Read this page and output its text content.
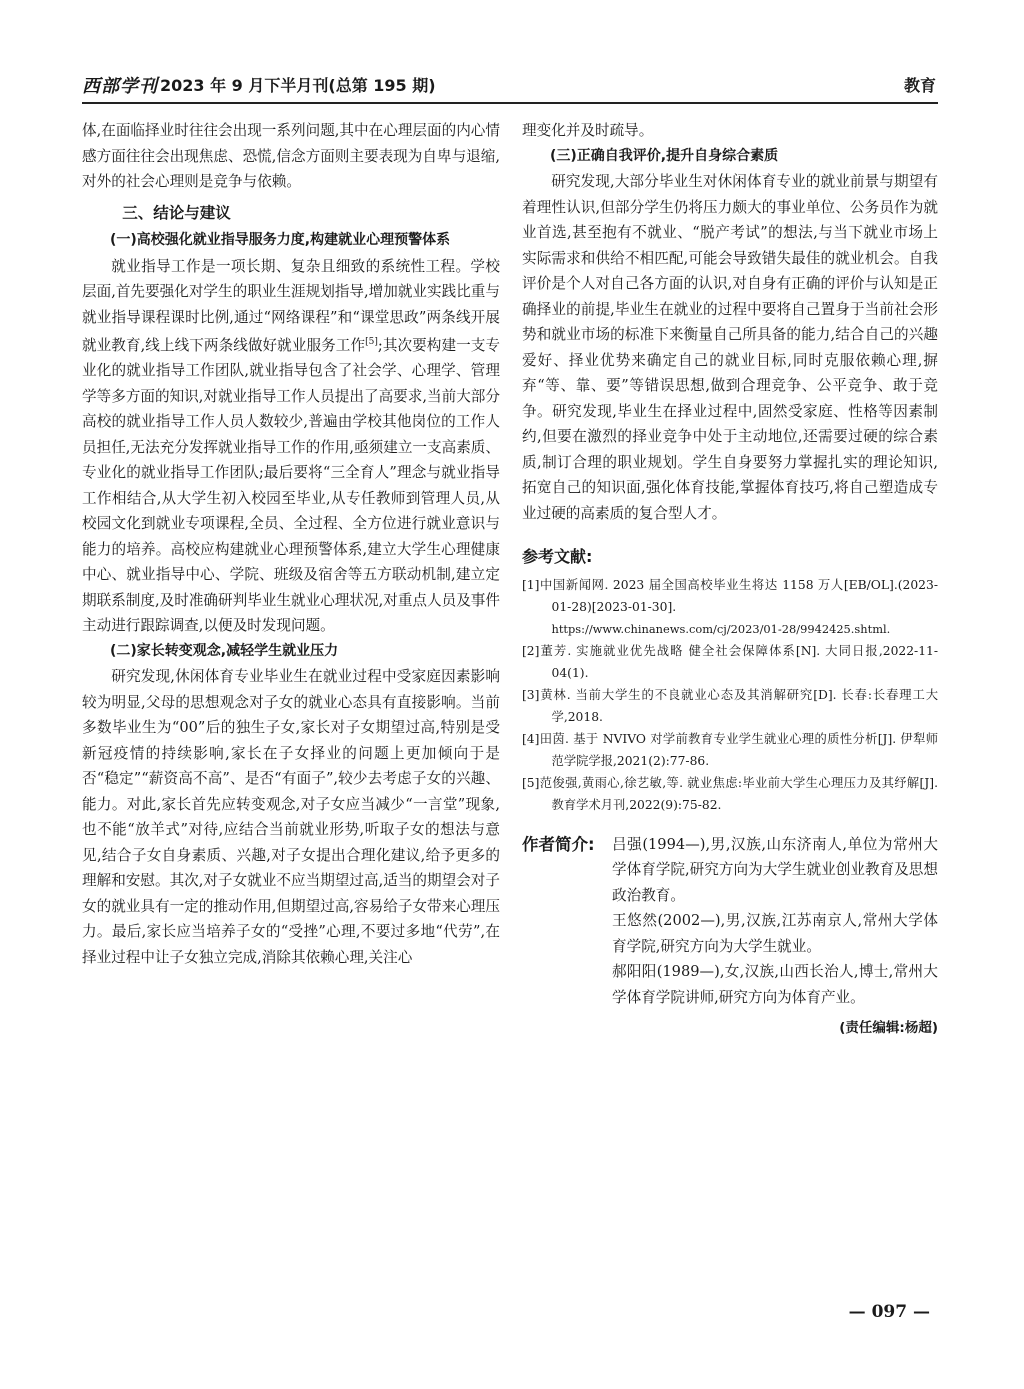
西部学刊 2023 年 9 月下半月刊(总第 195 期)	教育

体,在面临择业时往往会出现一系列问题,其中在心理层面的内心情感方面往往会出现焦虑、恐慌,信念方面则主要表现为自卑与退缩,对外的社会心理则是竞争与依赖。

三、结论与建议

(一)高校强化就业指导服务力度,构建就业心理预警体系

就业指导工作是一项长期、复杂且细致的系统性工程。学校层面,首先要强化对学生的职业生涯规划指导,增加就业实践比重与就业指导课程课时比例,通过“网络课程”和“课堂思政”两条线开展就业教育,线上线下两条线做好就业服务工作[5];其次要构建一支专业化的就业指导工作团队,就业指导包含了社会学、心理学、管理学等多方面的知识,对就业指导工作人员提出了高要求,当前大部分高校的就业指导工作人员人数较少,普遍由学校其他岗位的工作人员担任,无法充分发挥就业指导工作的作用,亟须建立一支高素质、专业化的就业指导工作团队;最后要将“三全育人”理念与就业指导工作相结合,从大学生初入校园至毕业,从专任教师到管理人员,从校园文化到就业专项课程,全员、全过程、全方位进行就业意识与能力的培养。高校应构建就业心理预警体系,建立大学生心理健康中心、就业指导中心、学院、班级及宿舍等五方联动机制,建立定期联系制度,及时准确研判毕业生就业心理状况,对重点人员及事件主动进行跟踪调查,以便及时发现问题。

(二)家长转变观念,减轻学生就业压力

研究发现,休闲体育专业毕业生在就业过程中受家庭因素影响较为明显,父母的思想观念对子女的就业心态具有直接影响。当前多数毕业生为“00”后的独生子女,家长对子女期望过高,特别是受新冠疫情的持续影响,家长在子女择业的问题上更加倾向于是否“稳定”“薪资高不高”、是否“有面子”,较少去考虑子女的兴趣、能力。对此,家长首先应转变观念,对子女应当减少“一言堂”现象,也不能“放羊式”对待,应结合当前就业形势,听取子女的想法与意见,结合子女自身素质、兴趣,对子女提出合理化建议,给予更多的理解和安慰。其次,对子女就业不应当期望过高,适当的期望会对子女的就业具有一定的推动作用,但期望过高,容易给子女带来心理压力。最后,家长应当培养子女的“受挫”心理,不要过多地“代劳”,在择业过程中让子女独立完成,消除其依赖心理,关注心

理变化并及时疏导。

(三)正确自我评价,提升自身综合素质

研究发现,大部分毕业生对休闲体育专业的就业前景与期望有着理性认识,但部分学生仍将压力颇大的事业单位、公务员作为就业首选,甚至抱有不就业、“脱产考试”的想法,与当下就业市场上实际需求和供给不相匹配,可能会导致错失最佳的就业机会。自我评价是个人对自己各方面的认识,对自身有正确的评价与认知是正确择业的前提,毕业生在就业的过程中要将自己置身于当前社会形势和就业市场的标准下来衡量自己所具备的能力,结合自己的兴趣爱好、择业优势来确定自己的就业目标,同时克服依赖心理,摒弃“等、靠、要”等错误思想,做到合理竞争、公平竞争、敢于竞争。研究发现,毕业生在择业过程中,固然受家庭、性格等因素制约,但要在激烈的择业竞争中处于主动地位,还需要过硬的综合素质,制订合理的职业规划。学生自身要努力掌握扎实的理论知识,拓宽自己的知识面,强化体育技能,掌握体育技巧,将自己塑造成专业过硬的高素质的复合型人才。

参考文献:

[1]中国新闻网. 2023 届全国高校毕业生将达 1158 万人[EB/OL].(2023-01-28)[2023-01-30].
https://www.chinanews.com/cj/2023/01-28/9942425.shtml.

[2]董芳. 实施就业优先战略 健全社会保障体系[N]. 大同日报,2022-11-04(1).

[3]黄林. 当前大学生的不良就业心态及其消解研究[D]. 长春:长春理工大学,2018.

[4]田茵. 基于 NVIVO 对学前教育专业学生就业心理的质性分析[J]. 伊犁师范学院学报,2021(2):77-86.

[5]范俊强,黄雨心,徐艺敏,等. 就业焦虑:毕业前大学生心理压力及其纾解[J]. 教育学术月刊,2022(9):75-82.

作者简介: 吕强(1994—),男,汉族,山东济南人,单位为常州大学体育学院,研究方向为大学生就业创业教育及思想政治教育。

王悠然(2002—),男,汉族,江苏南京人,常州大学体育学院,研究方向为大学生就业。

郝阳阳(1989—),女,汉族,山西长治人,博士,常州大学体育学院讲师,研究方向为体育产业。

(责任编辑:杨超)

— 097 —
